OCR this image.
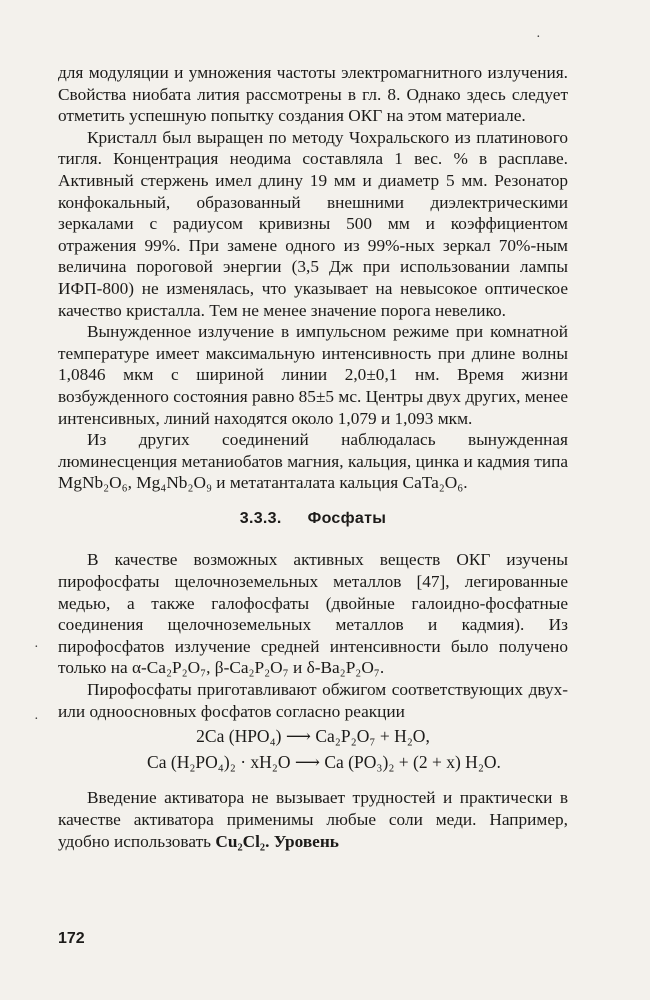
для модуляции и умножения частоты электромагнитного излучения. Свойства ниобата лития рассмотрены в гл. 8. Однако здесь следует отметить успешную попытку создания ОКГ на этом материале.

Кристалл был выращен по методу Чохральского из платинового тигля. Концентрация неодима составляла 1 вес. % в расплаве. Активный стержень имел длину 19 мм и диаметр 5 мм. Резонатор конфокальный, образованный внешними диэлектрическими зеркалами с радиусом кривизны 500 мм и коэффициентом отражения 99%. При замене одного из 99%-ных зеркал 70%-ным величина пороговой энергии (3,5 Дж при использовании лампы ИФП-800) не изменялась, что указывает на невысокое оптическое качество кристалла. Тем не менее значение порога невелико.

Вынужденное излучение в импульсном режиме при комнатной температуре имеет максимальную интенсивность при длине волны 1,0846 мкм с шириной линии 2,0±0,1 нм. Время жизни возбужденного состояния равно 85±5 мс. Центры двух других, менее интенсивных, линий находятся около 1,079 и 1,093 мкм.

Из других соединений наблюдалась вынужденная люминесценция метаниобатов магния, кальция, цинка и кадмия типа MgNb₂O₆, Mg₄Nb₂O₉ и метатанталата кальция CaTa₂O₆.

3.3.3. Фосфаты

В качестве возможных активных веществ ОКГ изучены пирофосфаты щелочноземельных металлов [47], легированные медью, а также галофосфаты (двойные галоидно-фосфатные соединения щелочноземельных металлов и кадмия). Из пирофосфатов излучение средней интенсивности было получено только на α-Ca₂P₂O₇, β-Ca₂P₂O₇ и δ-Ba₂P₂O₇.

Пирофосфаты приготавливают обжигом соответствующих двух- или одноосновных фосфатов согласно реакции

2Ca (HPO₄) ⟶ Ca₂P₂O₇ + H₂O,
Ca (H₂PO₄)₂ · xH₂O ⟶ Ca (PO₃)₂ + (2 + x) H₂O.

Введение активатора не вызывает трудностей и практически в качестве активатора применимы любые соли меди. Например, удобно использовать Cu₂Cl₂. Уровень

172
·
·
·
